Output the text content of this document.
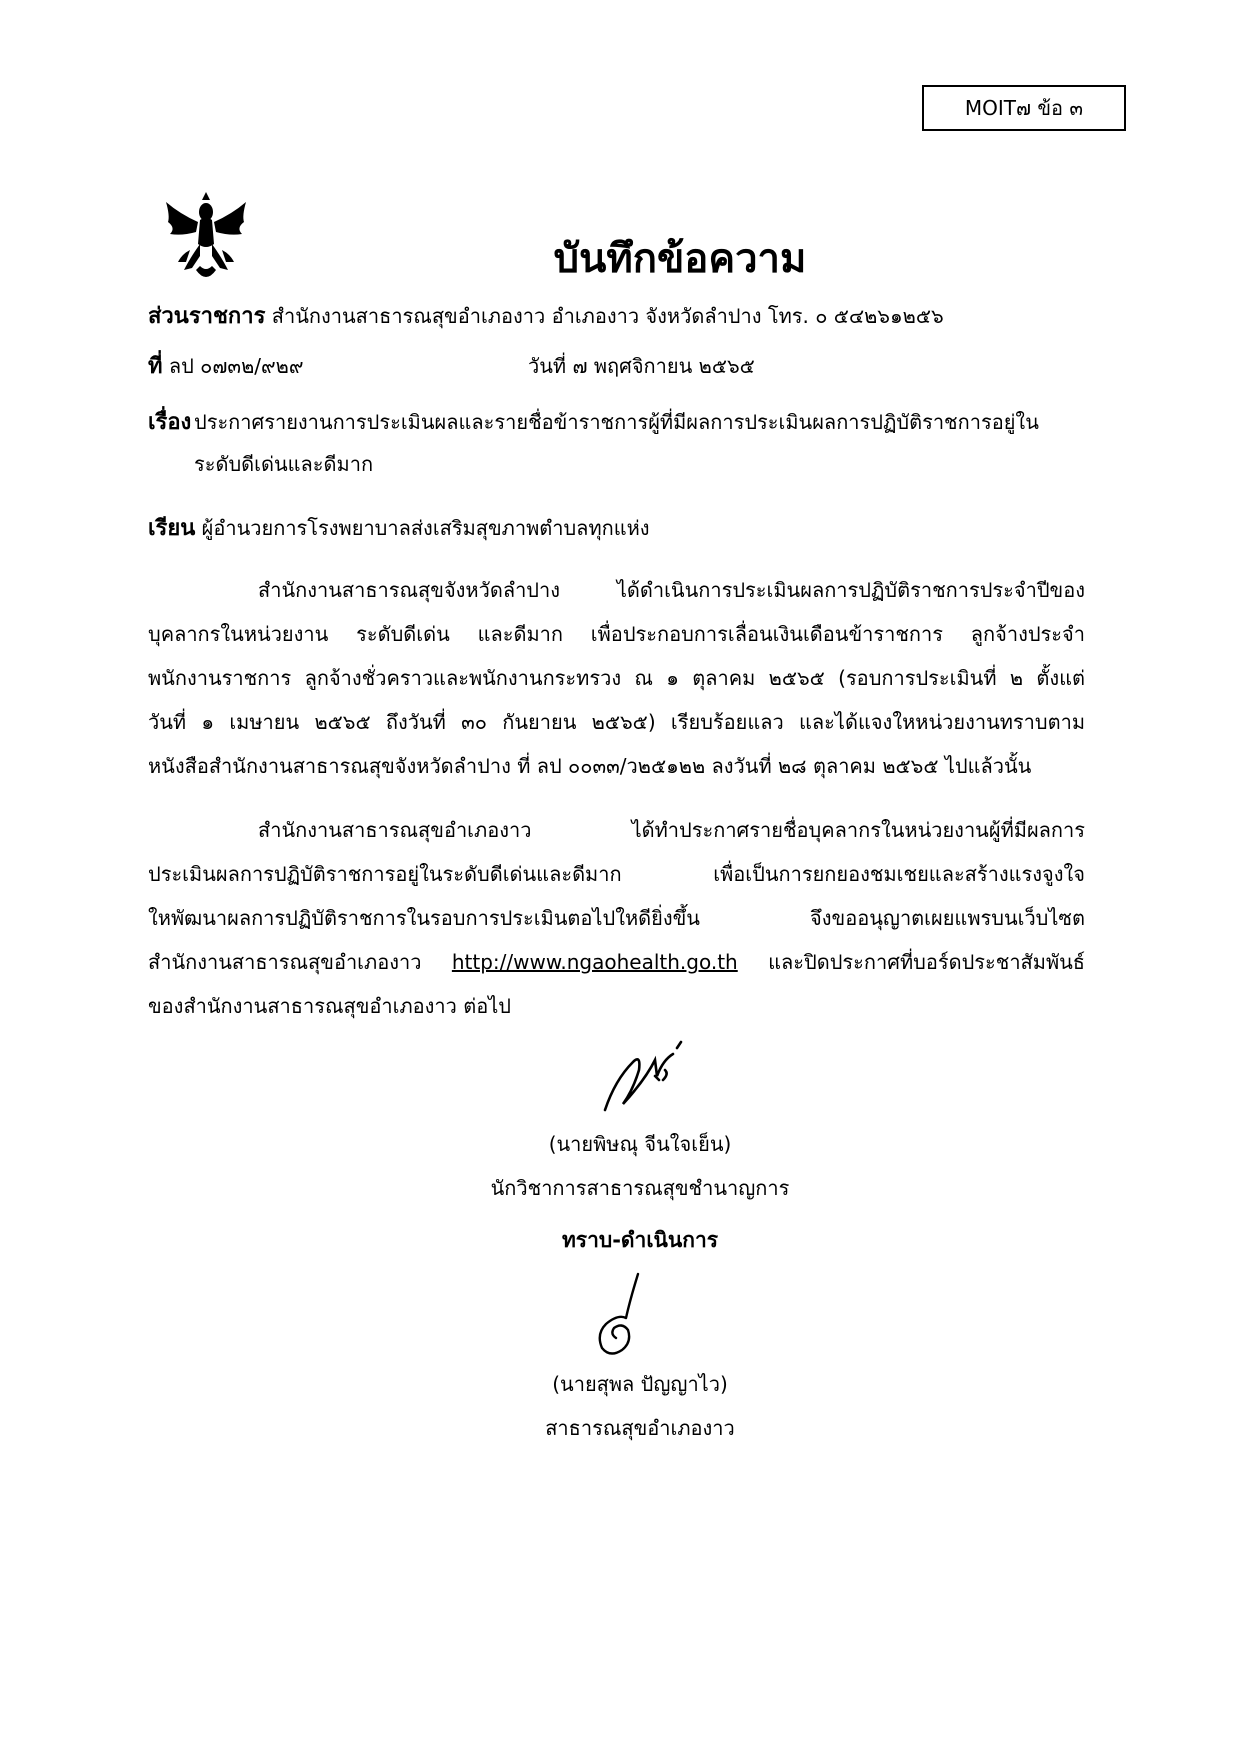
MOIT๗ ข้อ ๓
บันทึกข้อความ
ส่วนราชการ สำนักงานสาธารณสุขอำเภองาว อำเภองาว จังหวัดลำปาง โทร. ๐ ๕๔๒๖๑๒๕๖
ที่ ลป ๐๗๓๒/๙๒๙	วันที่ ๗ พฤศจิกายน ๒๕๖๕
เรื่อง ประกาศรายงานการประเมินผลและรายชื่อข้าราชการผู้ที่มีผลการประเมินผลการปฏิบัติราชการอยู่ใน
ระดับดีเด่นและดีมาก
เรียน ผู้อำนวยการโรงพยาบาลส่งเสริมสุขภาพตำบลทุกแห่ง
สำนักงานสาธารณสุขจังหวัดลำปาง ได้ดำเนินการประเมินผลการปฏิบัติราชการประจำปีของ
บุคลากรในหน่วยงาน ระดับดีเด่น และดีมาก เพื่อประกอบการเลื่อนเงินเดือนข้าราชการ ลูกจ้างประจำ
พนักงานราชการ ลูกจ้างชั่วคราวและพนักงานกระทรวง ณ ๑ ตุลาคม ๒๕๖๕ (รอบการประเมินที่ ๒ ตั้งแต่
วันที่ ๑ เมษายน ๒๕๖๕ ถึงวันที่ ๓๐ กันยายน ๒๕๖๕) เรียบร้อยแลว และได้แจงใหหน่วยงานทราบตาม
หนังสือสำนักงานสาธารณสุขจังหวัดลำปาง ที่ ลป ๐๐๓๓/ว๒๕๑๒๒ ลงวันที่ ๒๘ ตุลาคม ๒๕๖๕ ไปแล้วนั้น
สำนักงานสาธารณสุขอำเภองาว ได้ทำประกาศรายชื่อบุคลากรในหน่วยงานผู้ที่มีผลการ
ประเมินผลการปฏิบัติราชการอยู่ในระดับดีเด่นและดีมาก เพื่อเป็นการยกยองชมเชยและสร้างแรงจูงใจ
ใหพัฒนาผลการปฏิบัติราชการในรอบการประเมินตอไปใหดียิ่งขึ้น จึงขออนุญาตเผยแพรบนเว็บไซต
สำนักงานสาธารณสุขอำเภองาว http://www.ngaohealth.go.th และปิดประกาศที่บอร์ดประชาสัมพันธ์
ของสำนักงานสาธารณสุขอำเภองาว ต่อไป
(นายพิษณุ จีนใจเย็น)
นักวิชาการสาธารณสุขชำนาญการ
ทราบ-ดำเนินการ
(นายสุพล ปัญญาไว)
สาธารณสุขอำเภองาว
